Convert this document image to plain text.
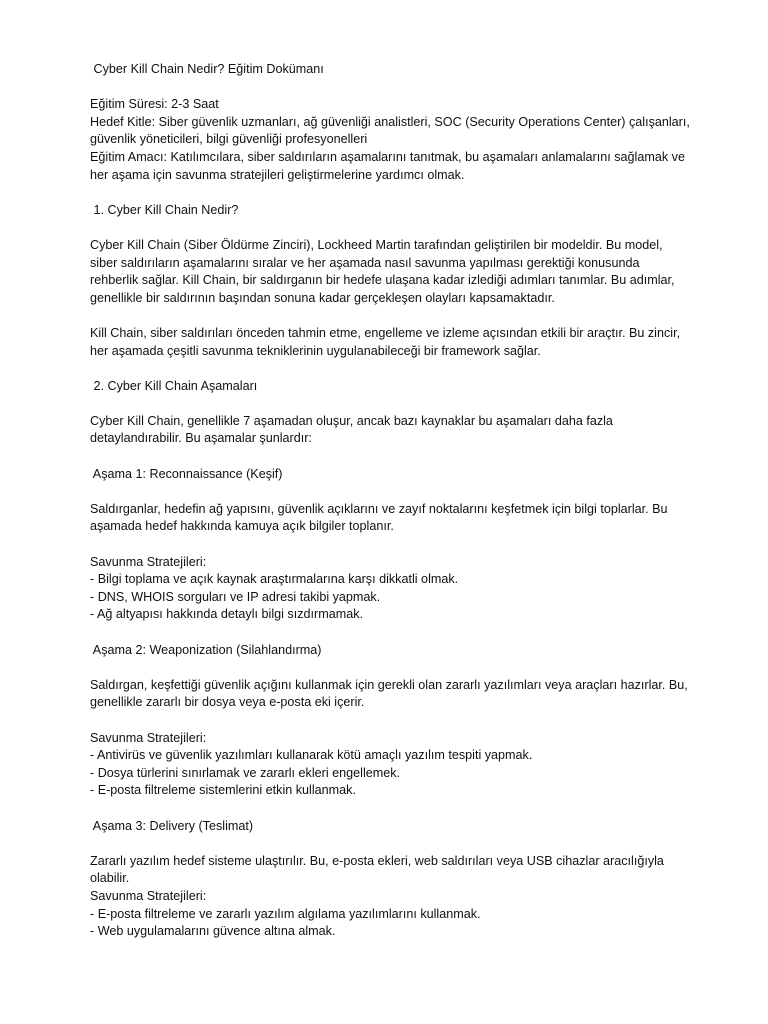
Cyber Kill Chain Nedir? Eğitim Dokümanı

Eğitim Süresi: 2-3 Saat

Hedef Kitle: Siber güvenlik uzmanları, ağ güvenliği analistleri, SOC (Security Operations Center) çalışanları, güvenlik yöneticileri, bilgi güvenliği profesyonelleri

Eğitim Amacı: Katılımcılara, siber saldırıların aşamalarını tanıtmak, bu aşamaları anlamalarını sağlamak ve her aşama için savunma stratejileri geliştirmelerine yardımcı olmak.

1. Cyber Kill Chain Nedir?

Cyber Kill Chain (Siber Öldürme Zinciri), Lockheed Martin tarafından geliştirilen bir modeldir. Bu model, siber saldırıların aşamalarını sıralar ve her aşamada nasıl savunma yapılması gerektiği konusunda rehberlik sağlar. Kill Chain, bir saldırganın bir hedefe ulaşana kadar izlediği adımları tanımlar. Bu adımlar, genellikle bir saldırının başından sonuna kadar gerçekleşen olayları kapsamaktadır.

Kill Chain, siber saldırıları önceden tahmin etme, engelleme ve izleme açısından etkili bir araçtır. Bu zincir, her aşamada çeşitli savunma tekniklerinin uygulanabileceği bir framework sağlar.

2. Cyber Kill Chain Aşamaları

Cyber Kill Chain, genellikle 7 aşamadan oluşur, ancak bazı kaynaklar bu aşamaları daha fazla detaylandırabilir. Bu aşamalar şunlardır:

Aşama 1: Reconnaissance (Keşif)

Saldırganlar, hedefin ağ yapısını, güvenlik açıklarını ve zayıf noktalarını keşfetmek için bilgi toplarlar. Bu aşamada hedef hakkında kamuya açık bilgiler toplanır.

Savunma Stratejileri:

- Bilgi toplama ve açık kaynak araştırmalarına karşı dikkatli olmak.

- DNS, WHOIS sorguları ve IP adresi takibi yapmak.

- Ağ altyapısı hakkında detaylı bilgi sızdırmamak.

Aşama 2: Weaponization (Silahlandırma)

Saldırgan, keşfettiği güvenlik açığını kullanmak için gerekli olan zararlı yazılımları veya araçları hazırlar. Bu, genellikle zararlı bir dosya veya e-posta eki içerir.

Savunma Stratejileri:

- Antivirüs ve güvenlik yazılımları kullanarak kötü amaçlı yazılım tespiti yapmak.

- Dosya türlerini sınırlamak ve zararlı ekleri engellemek.

- E-posta filtreleme sistemlerini etkin kullanmak.

Aşama 3: Delivery (Teslimat)

Zararlı yazılım hedef sisteme ulaştırılır. Bu, e-posta ekleri, web saldırıları veya USB cihazlar aracılığıyla olabilir.

Savunma Stratejileri:

- E-posta filtreleme ve zararlı yazılım algılama yazılımlarını kullanmak.

- Web uygulamalarını güvence altına almak.
